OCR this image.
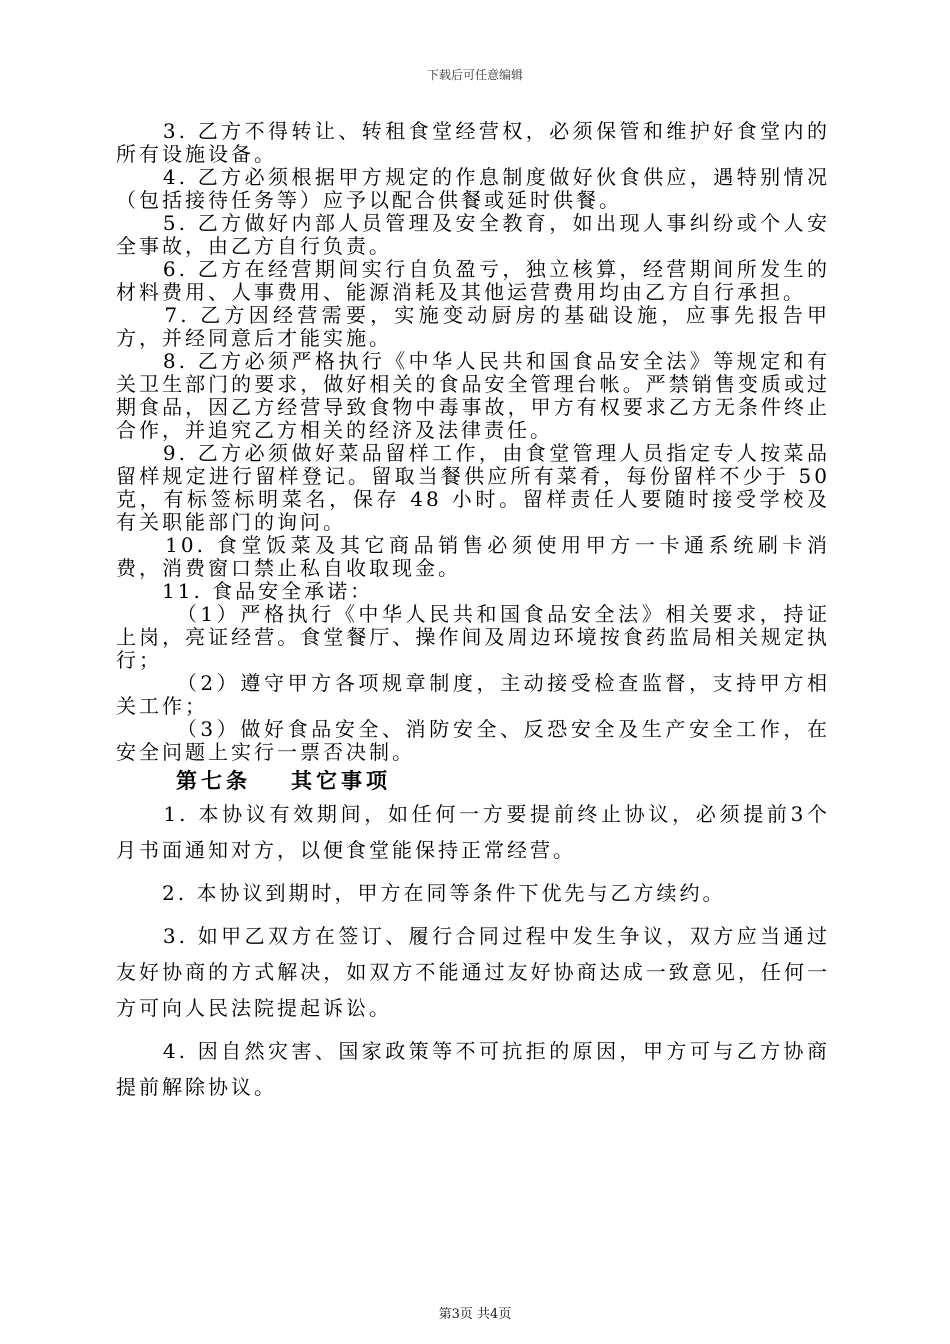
下载后可任意编辑

　　3. 乙方不得转让、转租食堂经营权，必须保管和维护好食堂内的所有设施设备。

　　4. 乙方必须根据甲方规定的作息制度做好伙食供应，遇特别情况（包括接待任务等）应予以配合供餐或延时供餐。

　　5. 乙方做好内部人员管理及安全教育，如出现人事纠纷或个人安全事故，由乙方自行负责。

　　6. 乙方在经营期间实行自负盈亏，独立核算，经营期间所发生的材料费用、人事费用、能源消耗及其他运营费用均由乙方自行承担。

　　7. 乙方因经营需要，实施变动厨房的基础设施，应事先报告甲方，并经同意后才能实施。

　　8. 乙方必须严格执行《中华人民共和国食品安全法》等规定和有关卫生部门的要求，做好相关的食品安全管理台帐。严禁销售变质或过期食品，因乙方经营导致食物中毒事故，甲方有权要求乙方无条件终止合作，并追究乙方相关的经济及法律责任。

　　9. 乙方必须做好菜品留样工作，由食堂管理人员指定专人按菜品留样规定进行留样登记。留取当餐供应所有菜肴，每份留样不少于 50 克，有标签标明菜名，保存 48 小时。留样责任人要随时接受学校及有关职能部门的询问。

　　10. 食堂饭菜及其它商品销售必须使用甲方一卡通系统刷卡消费，消费窗口禁止私自收取现金。

　　11. 食品安全承诺：

　　　（1）严格执行《中华人民共和国食品安全法》相关要求，持证上岗，亮证经营。食堂餐厅、操作间及周边环境按食药监局相关规定执行；

　　　（2）遵守甲方各项规章制度，主动接受检查监督，支持甲方相关工作；

　　　（3）做好食品安全、消防安全、反恐安全及生产安全工作，在安全问题上实行一票否决制。

第七条 其它事项

　　1. 本协议有效期间，如任何一方要提前终止协议，必须提前3个月书面通知对方，以便食堂能保持正常经营。

　　2. 本协议到期时，甲方在同等条件下优先与乙方续约。

　　3. 如甲乙双方在签订、履行合同过程中发生争议，双方应当通过友好协商的方式解决，如双方不能通过友好协商达成一致意见，任何一方可向人民法院提起诉讼。

　　4. 因自然灾害、国家政策等不可抗拒的原因，甲方可与乙方协商提前解除协议。

第3页 共4页
